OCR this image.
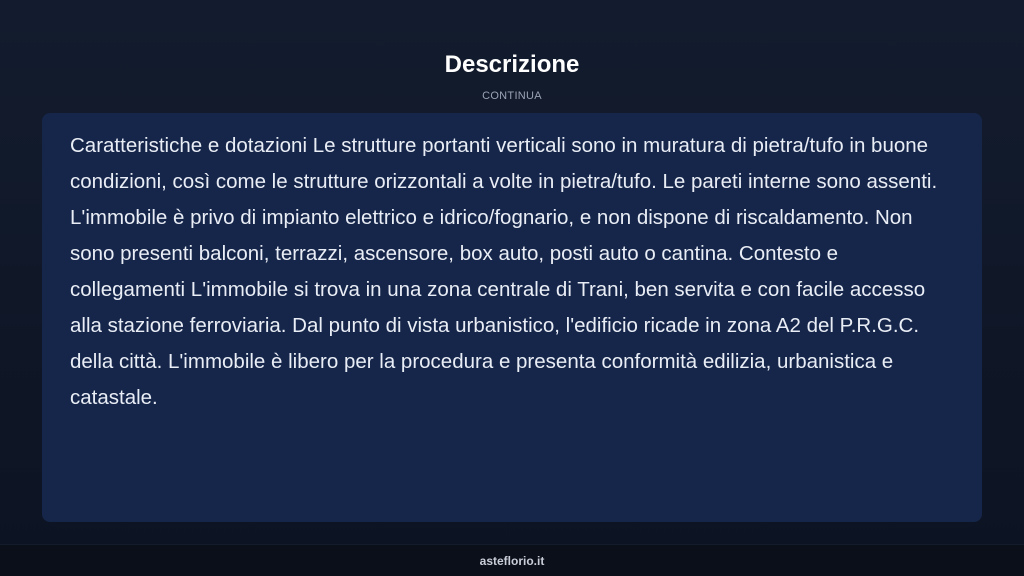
Descrizione
CONTINUA

Caratteristiche e dotazioni Le strutture portanti verticali sono in muratura di pietra/tufo in buone condizioni, così come le strutture orizzontali a volte in pietra/tufo. Le pareti interne sono assenti. L'immobile è privo di impianto elettrico e idrico/fognario, e non dispone di riscaldamento. Non sono presenti balconi, terrazzi, ascensore, box auto, posti auto o cantina. Contesto e collegamenti L'immobile si trova in una zona centrale di Trani, ben servita e con facile accesso alla stazione ferroviaria. Dal punto di vista urbanistico, l'edificio ricade in zona A2 del P.R.G.C. della città. L'immobile è libero per la procedura e presenta conformità edilizia, urbanistica e catastale.

asteflorio.it
